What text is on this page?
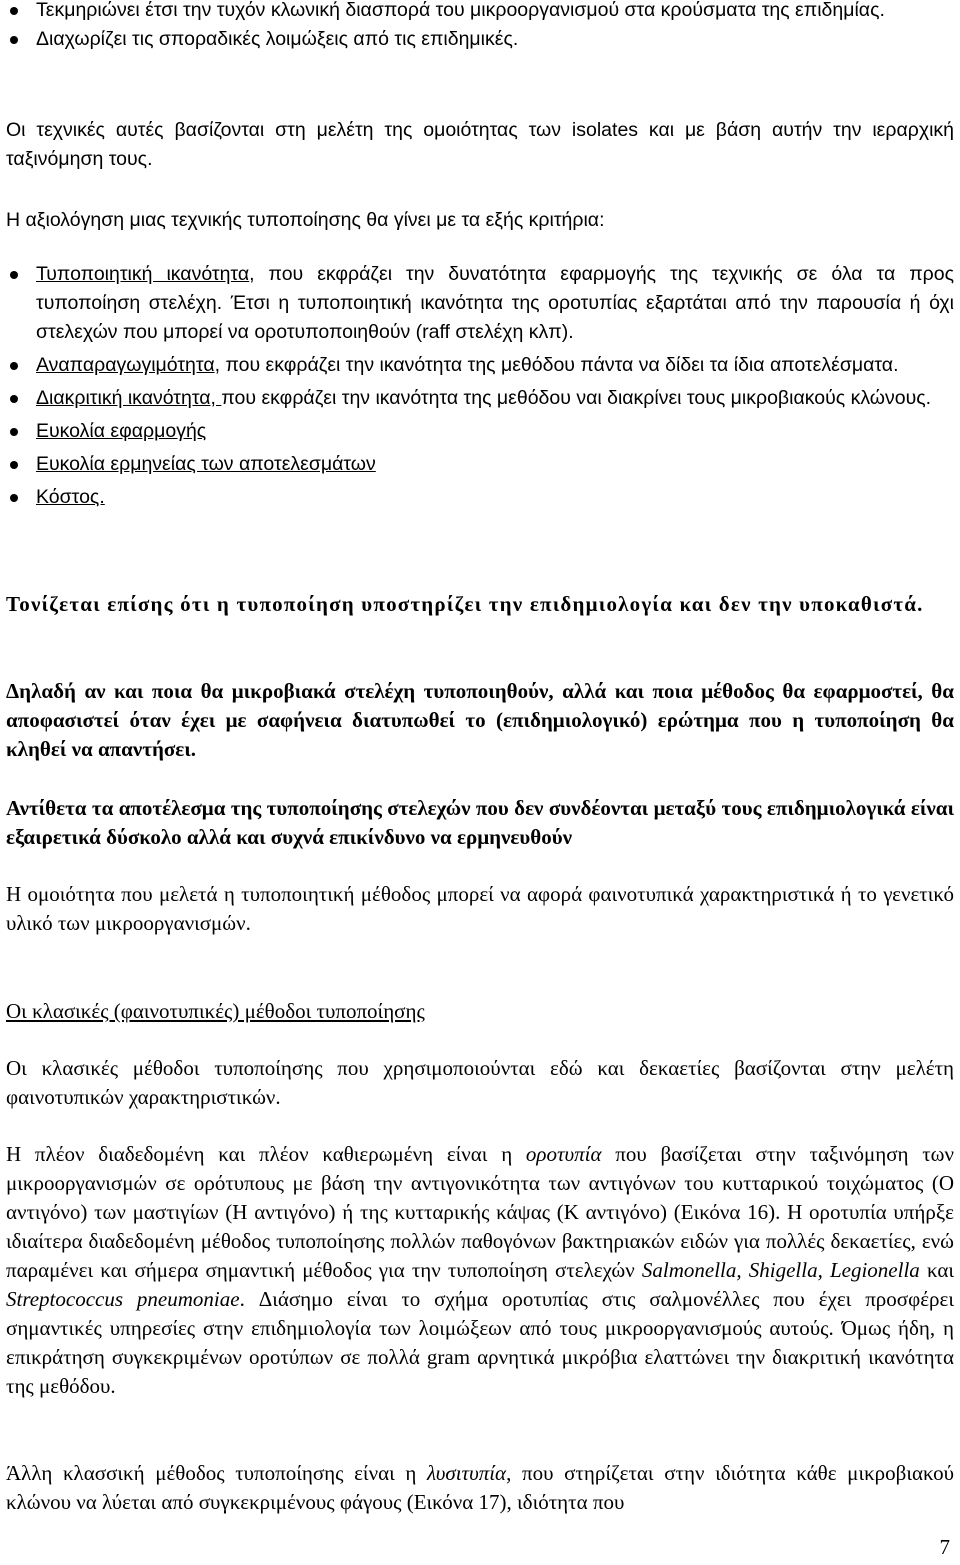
Τεκμηριώνει έτσι την τυχόν κλωνική διασπορά του μικροοργανισμού στα κρούσματα της επιδημίας.
Διαχωρίζει τις σποραδικές λοιμώξεις από τις επιδημικές.

Οι τεχνικές αυτές βασίζονται στη μελέτη της ομοιότητας των isolates και με βάση αυτήν την ιεραρχική ταξινόμηση τους.

Η αξιολόγηση μιας τεχνικής τυποποίησης θα γίνει με τα εξής κριτήρια:

Τυποποιητική ικανότητα, που εκφράζει την δυνατότητα εφαρμογής της τεχνικής σε όλα τα προς τυποποίηση στελέχη. Έτσι η τυποποιητική ικανότητα της οροτυπίας εξαρτάται από την παρουσία ή όχι στελεχών που μπορεί να οροτυποποιηθούν (raff στελέχη κλπ).
Αναπαραγωγιμότητα, που εκφράζει την ικανότητα της μεθόδου πάντα να δίδει τα ίδια αποτελέσματα.
Διακριτική ικανότητα, που εκφράζει την ικανότητα της μεθόδου ναι διακρίνει τους μικροβιακούς κλώνους.
Ευκολία εφαρμογής
Ευκολία ερμηνείας των αποτελεσμάτων
Κόστος.

Τονίζεται επίσης ότι η τυποποίηση υποστηρίζει την επιδημιολογία και δεν την υποκαθιστά.

Δηλαδή αν και ποια θα μικροβιακά στελέχη τυποποιηθούν, αλλά και ποια μέθοδος θα εφαρμοστεί, θα αποφασιστεί όταν έχει με σαφήνεια διατυπωθεί το (επιδημιολογικό) ερώτημα που η τυποποίηση θα κληθεί να απαντήσει.

Αντίθετα τα αποτέλεσμα της τυποποίησης στελεχών που δεν συνδέονται μεταξύ τους επιδημιολογικά είναι εξαιρετικά δύσκολο αλλά και συχνά επικίνδυνο να ερμηνευθούν

Η ομοιότητα που μελετά η τυποποιητική μέθοδος μπορεί να αφορά φαινοτυπικά χαρακτηριστικά ή το γενετικό υλικό των μικροοργανισμών.

Οι κλασικές (φαινοτυπικές) μέθοδοι τυποποίησης

Οι κλασικές μέθοδοι τυποποίησης που χρησιμοποιούνται εδώ και δεκαετίες βασίζονται στην μελέτη φαινοτυπικών χαρακτηριστικών.

Η πλέον διαδεδομένη και πλέον καθιερωμένη είναι η οροτυπία που βασίζεται στην ταξινόμηση των μικροοργανισμών σε ορότυπους με βάση την αντιγονικότητα των αντιγόνων του κυτταρικού τοιχώματος (Ο αντιγόνο) των μαστιγίων (Η αντιγόνο) ή της κυτταρικής κάψας (Κ αντιγόνο) (Εικόνα 16). Η οροτυπία υπήρξε ιδιαίτερα διαδεδομένη μέθοδος τυποποίησης πολλών παθογόνων βακτηριακών ειδών για πολλές δεκαετίες, ενώ παραμένει και σήμερα σημαντική μέθοδος για την τυποποίηση στελεχών Salmonella, Shigella, Legionella και Streptococcus pneumoniae. Διάσημο είναι το σχήμα οροτυπίας στις σαλμονέλλες που έχει προσφέρει σημαντικές υπηρεσίες στην επιδημιολογία των λοιμώξεων από τους μικροοργανισμούς αυτούς. Όμως ήδη, η επικράτηση συγκεκριμένων οροτύπων σε πολλά gram αρνητικά μικρόβια ελαττώνει την διακριτική ικανότητα της μεθόδου.

Άλλη κλασσική μέθοδος τυποποίησης είναι η λυσιτυπία, που στηρίζεται στην ιδιότητα κάθε μικροβιακού κλώνου να λύεται από συγκεκριμένους φάγους (Εικόνα 17), ιδιότητα που

7
